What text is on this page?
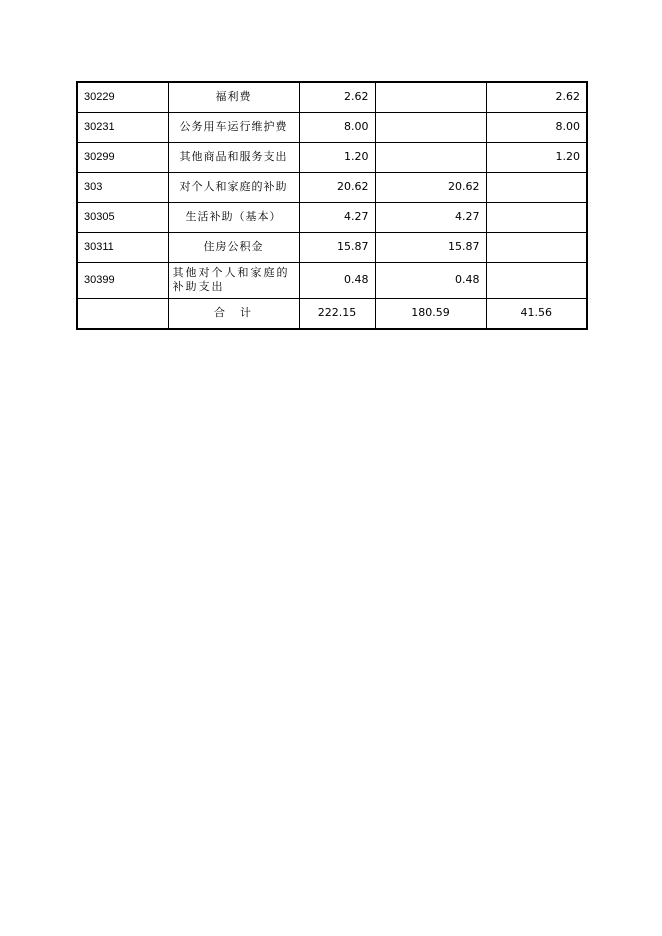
30229	福利费	2.62		2.62
30231	公务用车运行维护费	8.00		8.00
30299	其他商品和服务支出	1.20		1.20
303	对个人和家庭的补助	20.62	20.62	
30305	生活补助（基本）	4.27	4.27	
30311	住房公积金	15.87	15.87	
30399	其他对个人和家庭的补助支出	0.48	0.48	
	合　计	222.15	180.59	41.56
